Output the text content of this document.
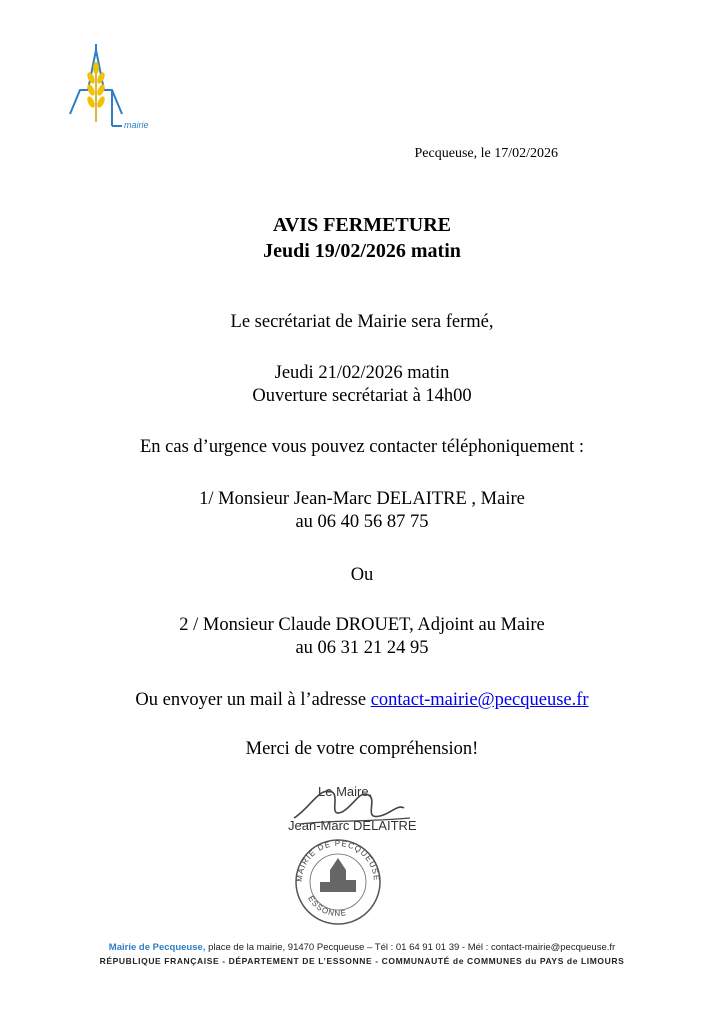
mairie
Pecqueuse, le 17/02/2026
AVIS FERMETURE
Jeudi 19/02/2026 matin
Le secrétariat de Mairie sera fermé,
Jeudi 21/02/2026 matin
Ouverture secrétariat à 14h00
En cas d’urgence vous pouvez contacter téléphoniquement :
1/ Monsieur Jean-Marc DELAITRE , Maire
au 06 40 56 87 75
Ou
2 / Monsieur Claude DROUET, Adjoint au Maire
au 06 31 21 24 95
Ou envoyer un mail à l’adresse contact-mairie@pecqueuse.fr
Merci de votre compréhension!
Le Maire,
Jean-Marc DELAITRE
MAIRIE DE PECQUEUSE
ESSONNE
Mairie de Pecqueuse, place de la mairie, 91470 Pecqueuse – Tél : 01 64 91 01 39 - Mél : contact-mairie@pecqueuse.fr
RÉPUBLIQUE FRANÇAISE - DÉPARTEMENT DE L’ESSONNE - COMMUNAUTÉ de COMMUNES du PAYS de LIMOURS
